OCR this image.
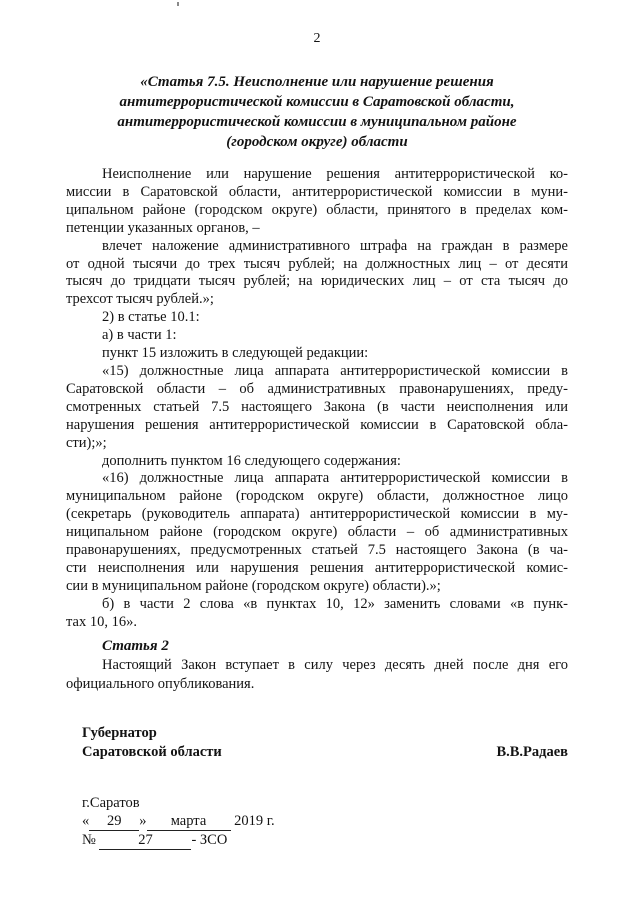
2
«Статья 7.5. Неисполнение или нарушение решения
антитеррористической комиссии в Саратовской области,
антитеррористической комиссии в муниципальном районе
(городском округе) области
Неисполнение или нарушение решения антитеррористической ко-
миссии в Саратовской области, антитеррористической комиссии в муни-
ципальном районе (городском округе) области, принятого в пределах ком-
петенции указанных органов, –
влечет наложение административного штрафа на граждан в размере
от одной тысячи до трех тысяч рублей; на должностных лиц – от десяти
тысяч до тридцати тысяч рублей; на юридических лиц – от ста тысяч до
трехсот тысяч рублей.»;
2) в статье 10.1:
а) в части 1:
пункт 15 изложить в следующей редакции:
«15) должностные лица аппарата антитеррористической комиссии в
Саратовской области – об административных правонарушениях, преду-
смотренных статьей 7.5 настоящего Закона (в части неисполнения или
нарушения решения антитеррористической комиссии в Саратовской обла-
сти);»;
дополнить пунктом 16 следующего содержания:
«16) должностные лица аппарата антитеррористической комиссии в
муниципальном районе (городском округе) области, должностное лицо
(секретарь (руководитель аппарата) антитеррористической комиссии в му-
ниципальном районе (городском округе) области – об административных
правонарушениях, предусмотренных статьей 7.5 настоящего Закона (в ча-
сти неисполнения или нарушения решения антитеррористической комис-
сии в муниципальном районе (городском округе) области).»;
б) в части 2 слова «в пунктах 10, 12» заменить словами «в пунк-
тах 10, 16».
Статья 2
Настоящий Закон вступает в силу через десять дней после дня его
официального опубликования.
Губернатор
Саратовской области	В.В.Радаев
г.Саратов
« 29 » марта 2019 г.
№	27	- ЗСО
